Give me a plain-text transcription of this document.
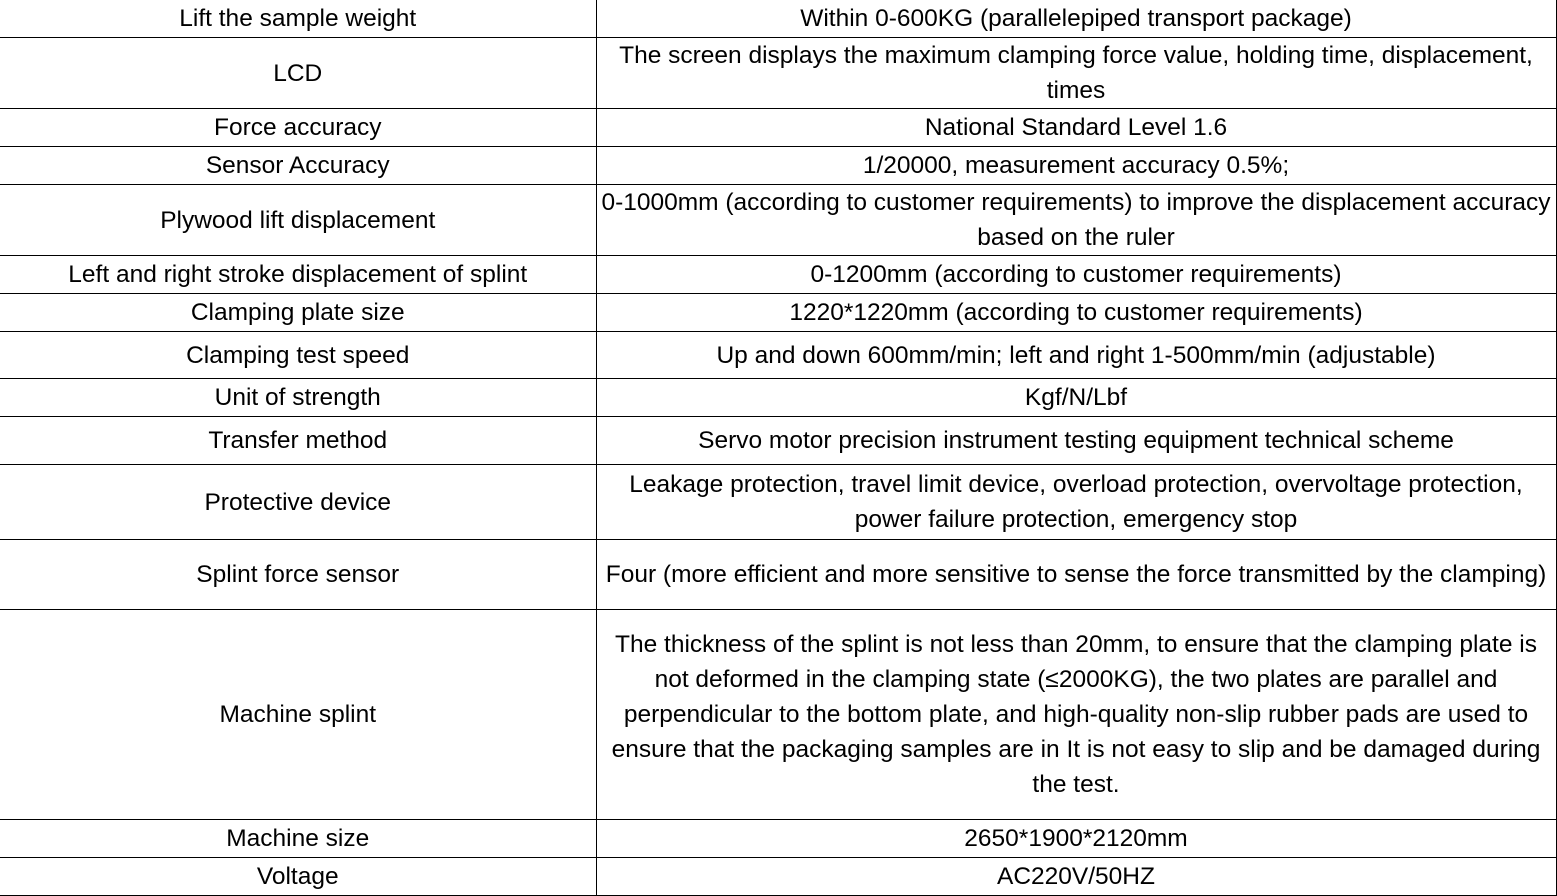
Lift the sample weight	Within 0-600KG (parallelepiped transport package)
LCD	The screen displays the maximum clamping force value, holding time, displacement, times
Force accuracy	National Standard Level 1.6
Sensor Accuracy	1/20000, measurement accuracy 0.5%;
Plywood lift displacement	0-1000mm (according to customer requirements) to improve the displacement accuracy based on the ruler
Left and right stroke displacement of splint	0-1200mm (according to customer requirements)
Clamping plate size	1220*1220mm (according to customer requirements)
Clamping test speed	Up and down 600mm/min; left and right 1-500mm/min (adjustable)
Unit of strength	Kgf/N/Lbf
Transfer method	Servo motor precision instrument testing equipment technical scheme
Protective device	Leakage protection, travel limit device, overload protection, overvoltage protection, power failure protection, emergency stop
Splint force sensor	Four (more efficient and more sensitive to sense the force transmitted by the clamping)
Machine splint	The thickness of the splint is not less than 20mm, to ensure that the clamping plate is not deformed in the clamping state (≤2000KG), the two plates are parallel and perpendicular to the bottom plate, and high-quality non-slip rubber pads are used to ensure that the packaging samples are in It is not easy to slip and be damaged during the test.
Machine size	2650*1900*2120mm
Voltage	AC220V/50HZ
